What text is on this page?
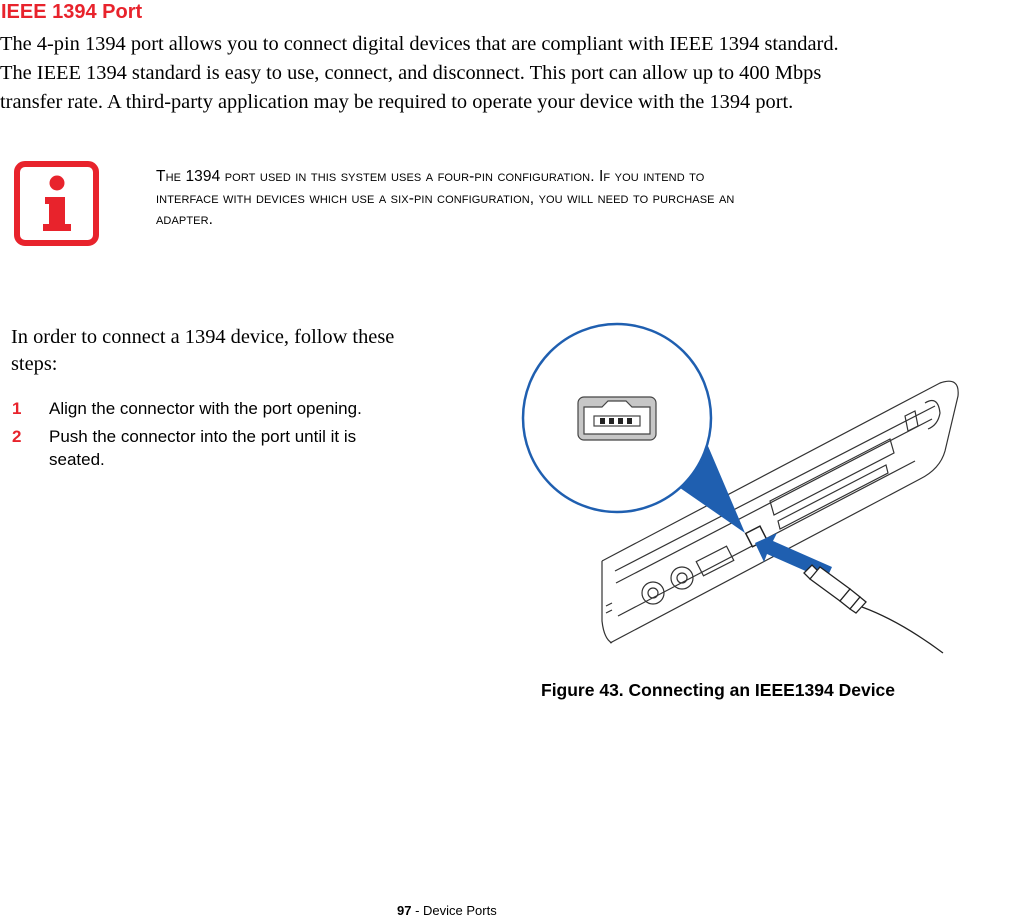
IEEE 1394 Port

The 4-pin 1394 port allows you to connect digital devices that are compliant with IEEE 1394 standard.
The IEEE 1394 standard is easy to use, connect, and disconnect. This port can allow up to 400 Mbps
transfer rate. A third-party application may be required to operate your device with the 1394 port.

The 1394 port used in this system uses a four-pin configuration. If you intend to
interface with devices which use a six-pin configuration, you will need to purchase an
adapter.
In order to connect a 1394 device, follow these
steps:
1 Align the connector with the port opening.
2 Push the connector into the port until it is
seated.
Figure 43. Connecting an IEEE1394 Device
97 - Device Ports
